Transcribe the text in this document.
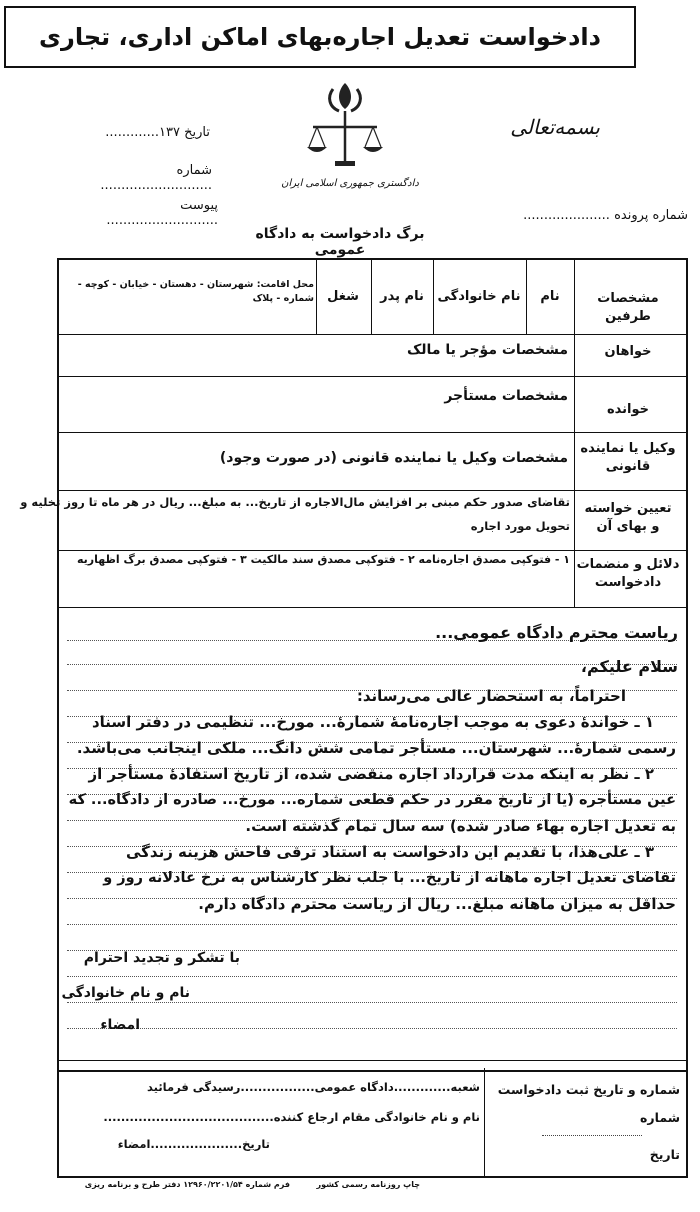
دادخواست تعدیل اجاره‌بهای اماکن اداری، تجاری
تاریخ ۱۳۷.............
شماره ...........................
پیوست ...........................
دادگستری جمهوری اسلامی ایران
بسمه‌تعالی
شماره پرونده .....................
برگ دادخواست به دادگاه عمومی
مشخصات طرفین
نام
نام خانوادگی
نام پدر
شغل
محل اقامت: شهرستان - دهستان - خیابان - کوچه - شماره - پلاک
خواهان
مشخصات مؤجر یا مالک
خوانده
مشخصات مستأجر
وکیل یا نماینده
قانونی
مشخصات وکیل یا نماینده قانونی (در صورت وجود)
تعیین خواسته
و بهای آن
تقاضای صدور حکم مبنی بر افزایش مال‌الاجاره از تاریخ... به مبلغ... ریال در هر ماه تا روز تخلیه و
تحویل مورد اجاره
دلائل و منضمات
دادخواست
۱ - فتوکپی مصدق اجاره‌نامه ۲ - فتوکپی مصدق سند مالکیت ۳ - فتوکپی مصدق برگ اظهاریه
ریاست محترم دادگاه عمومی...
سلام علیکم،
احتراماً، به استحضار عالی می‌رساند:
۱ ـ خواندهٔ دعوی به موجب اجاره‌نامهٔ شمارهٔ... مورخ... تنظیمی در دفتر اسناد
رسمی شمارهٔ... شهرستان... مستأجر تمامی شش دانگ... ملکی اینجانب می‌باشد.
۲ ـ نظر به اینکه مدت قرارداد اجاره منقضی شده، از تاریخ استفادهٔ مستأجر از
عین مستأجره (یا از تاریخ مقرر در حکم قطعی شماره... مورخ... صادره از دادگاه... که
به تعدیل اجاره بهاء صادر شده) سه سال تمام گذشته است.
۳ ـ علی‌هذا، با تقدیم این دادخواست به استناد ترقی فاحش هزینه زندگی
تقاضای تعدیل اجاره ماهانه از تاریخ... با جلب نظر کارشناس به نرخ عادلانه روز و
حداقل به میزان ماهانه مبلغ... ریال از ریاست محترم دادگاه دارم.
با تشکر و تجدید احترام
نام و نام خانوادگی
امضاء
شماره و تاریخ ثبت دادخواست
شماره
تاریخ
شعبه.............دادگاه عمومی.................رسیدگی فرمائید
نام و نام خانوادگی مقام ارجاع کننده.......................................
تاریخ.....................امضاء
چاپ روزنامه رسمی کشور
فرم شماره ۱۲۹۶۰/۲۲۰۱/۵۴ دفتر طرح و برنامه ریزی
